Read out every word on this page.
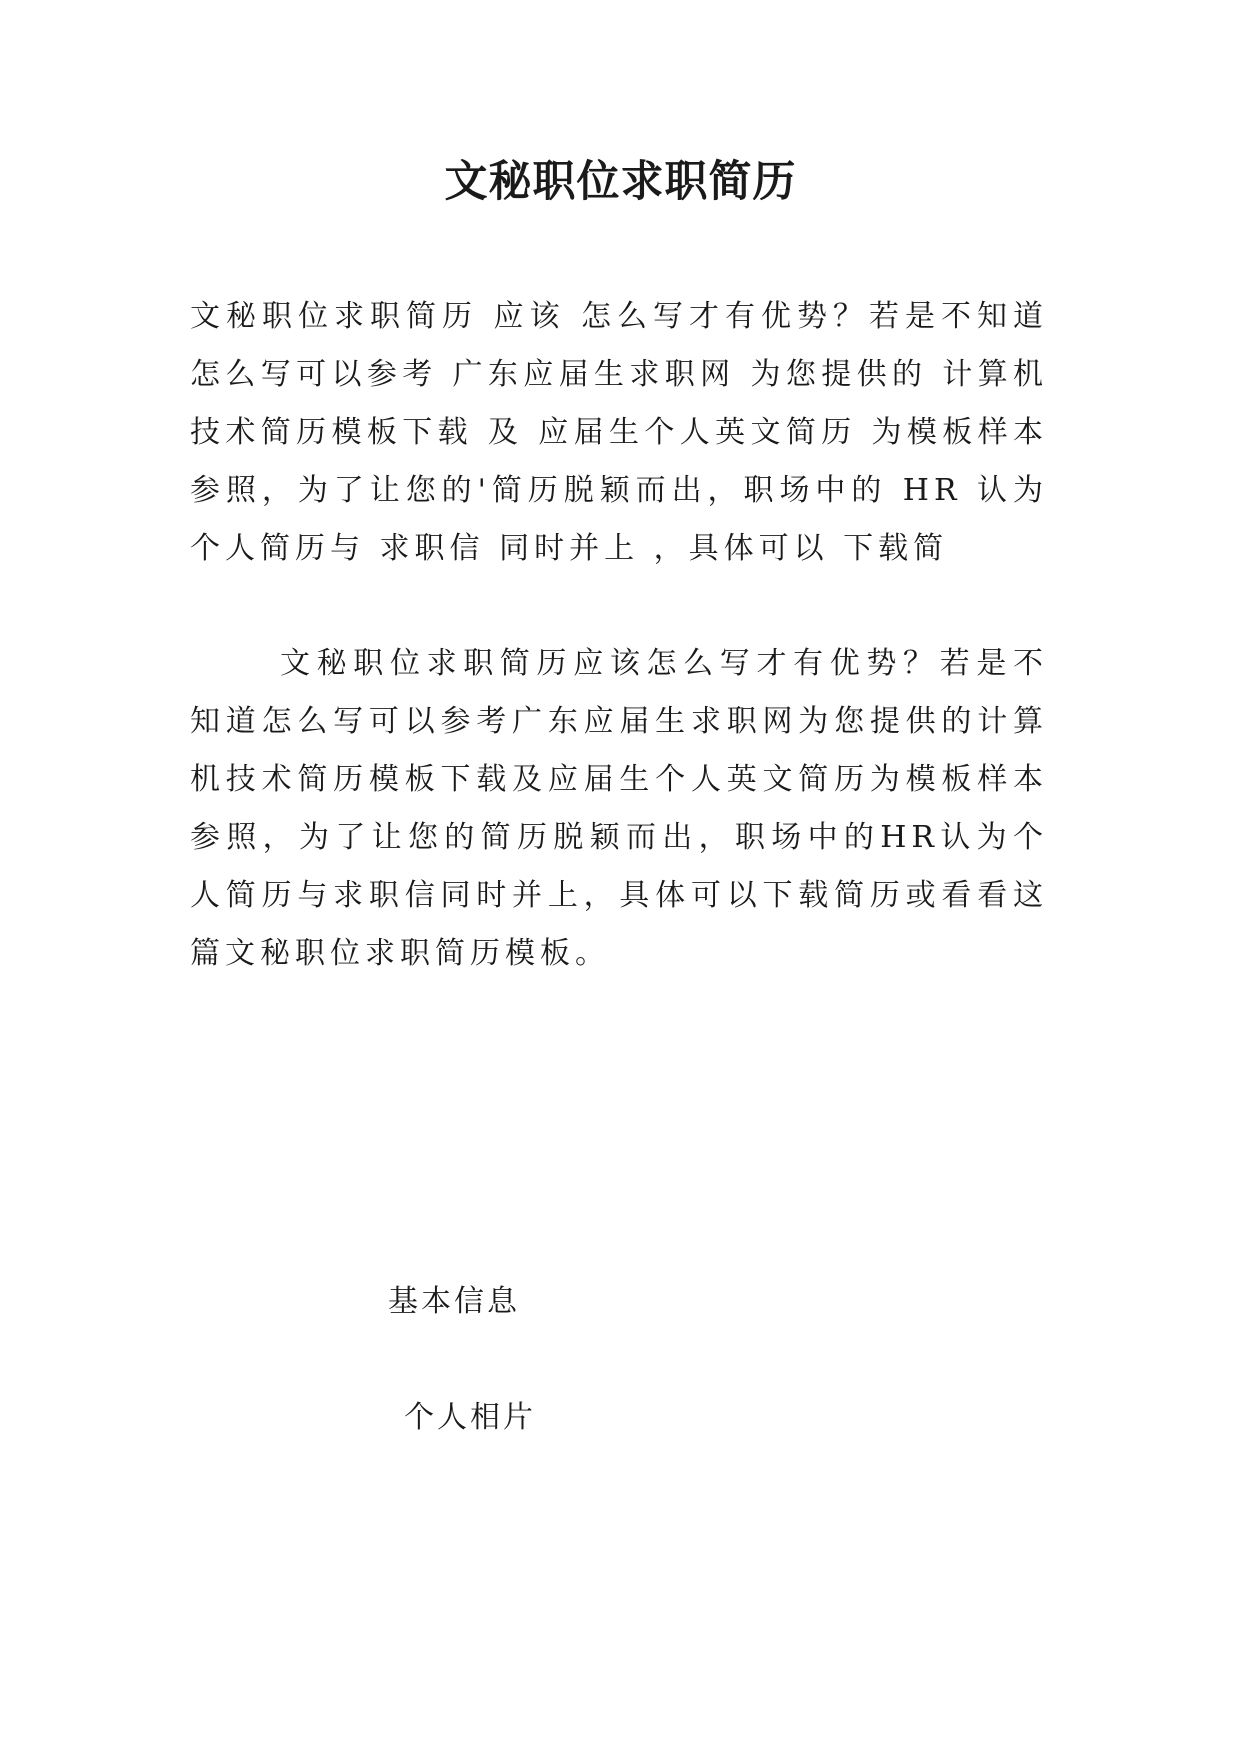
文秘职位求职简历

文秘职位求职简历 应该 怎么写才有优势？若是不知道怎么写可以参考 广东应届生求职网 为您提供的 计算机技术简历模板下载 及 应届生个人英文简历 为模板样本参照，为了让您的'简历脱颖而出，职场中的 HR 认为 个人简历与 求职信 同时并上 ，具体可以 下载简

文秘职位求职简历应该怎么写才有优势？若是不知道怎么写可以参考广东应届生求职网为您提供的计算机技术简历模板下载及应届生个人英文简历为模板样本参照，为了让您的简历脱颖而出，职场中的HR认为个人简历与求职信同时并上，具体可以下载简历或看看这篇文秘职位求职简历模板。

基本信息

个人相片
